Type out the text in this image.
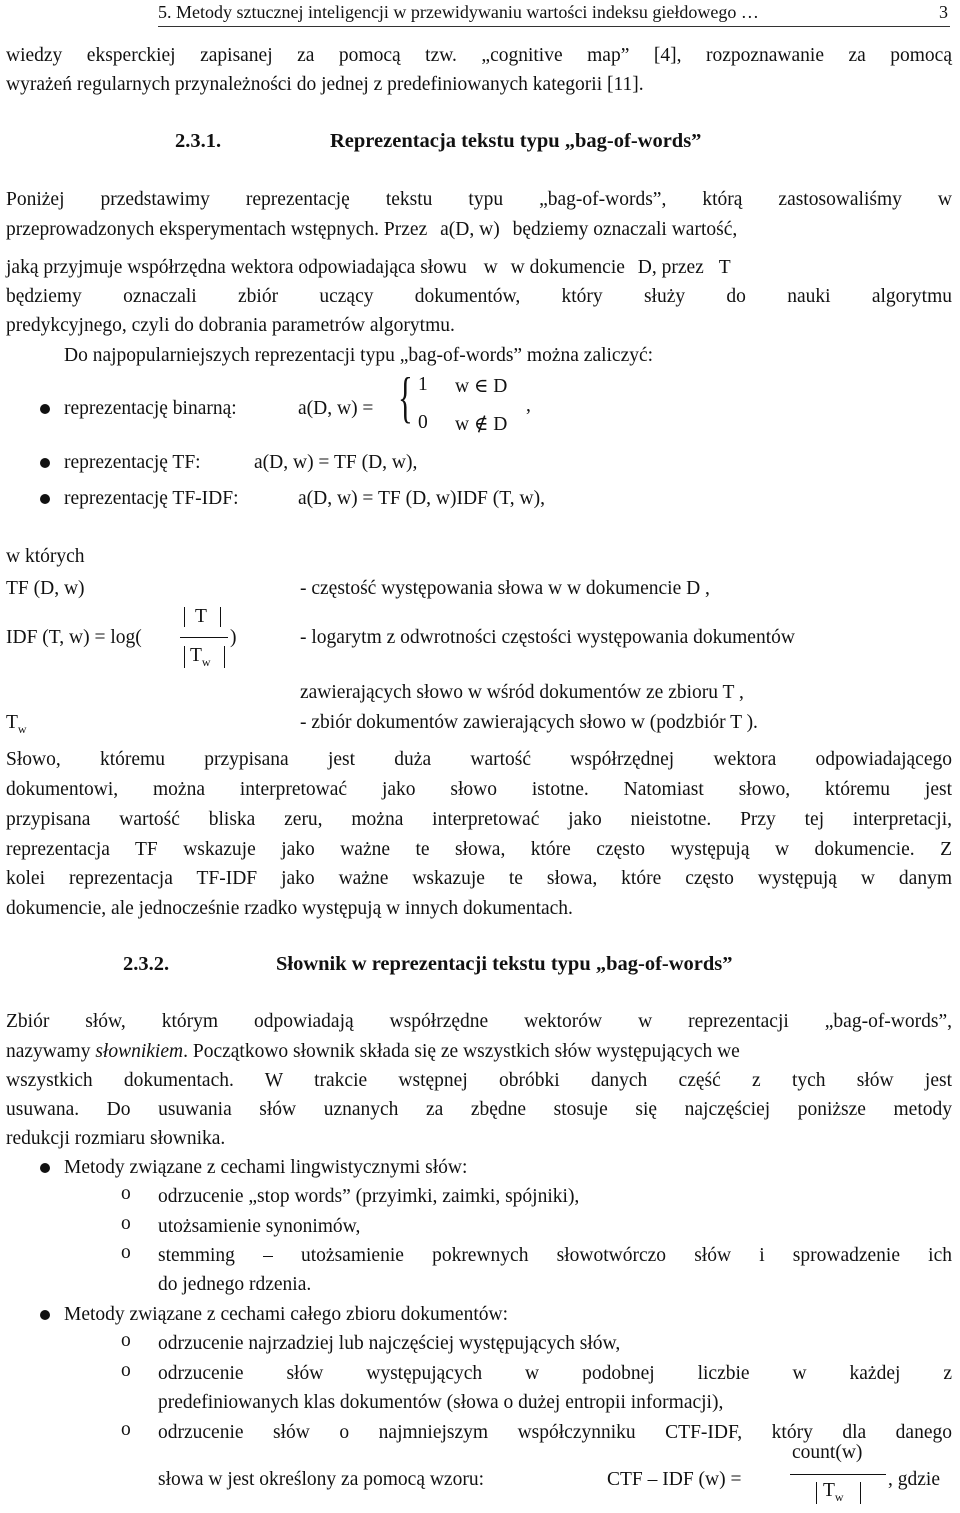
5. Metody sztucznej inteligencji w przewidywaniu wartości indeksu giełdowego …	3
wiedzy eksperckiej zapisanej za pomocą tzw. „cognitive map” [4], rozpoznawanie za pomocą
wyrażeń regularnych przynależności do jednej z predefiniowanych kategorii [11].
2.3.1.	Reprezentacja tekstu typu „bag-of-words”
Poniżej przedstawimy reprezentację tekstu typu „bag-of-words”, którą zastosowaliśmy w
przeprowadzonych eksperymentach wstępnych. Przez a(D, w) będziemy oznaczali wartość,
jaką przyjmuje współrzędna wektora odpowiadająca słowu w w dokumencie D, przez T
będziemy oznaczali zbiór uczący dokumentów, który służy do nauki algorytmu
predykcyjnego, czyli do dobrania parametrów algorytmu.
Do najpopularniejszych reprezentacji typu „bag-of-words” można zaliczyć:
reprezentację binarną:	a(D, w) = { 1 w ∈ D
0 w ∉ D
,
reprezentację TF:	a(D, w) = TF (D, w),
reprezentację TF-IDF:	a(D, w) = TF (D, w)IDF (T, w),
w których
TF (D, w)	- częstość występowania słowa w w dokumencie D ,
IDF (T, w) = log(
T
$T_w$
)	- logarytm z odwrotności częstości występowania dokumentów
zawierających słowo w wśród dokumentów ze zbioru T ,
$T_w$	- zbiór dokumentów zawierających słowo w (podzbiór T ).
Słowo, któremu przypisana jest duża wartość współrzędnej wektora odpowiadającego
dokumentowi, można interpretować jako słowo istotne. Natomiast słowo, któremu jest
przypisana wartość bliska zeru, można interpretować jako nieistotne. Przy tej interpretacji,
reprezentacja TF wskazuje jako ważne te słowa, które często występują w dokumencie. Z
kolei reprezentacja TF-IDF jako ważne wskazuje te słowa, które często występują w danym
dokumencie, ale jednocześnie rzadko występują w innych dokumentach.
2.3.2.	Słownik w reprezentacji tekstu typu „bag-of-words”
Zbiór słów, którym odpowiadają współrzędne wektorów w reprezentacji „bag-of-words”,
nazywamy słownikiem. Początkowo słownik składa się ze wszystkich słów występujących we
wszystkich dokumentach. W trakcie wstępnej obróbki danych część z tych słów jest
usuwana. Do usuwania słów uznanych za zbędne stosuje się najczęściej poniższe metody
redukcji rozmiaru słownika.
Metody związane z cechami lingwistycznymi słów:
o odrzucenie „stop words” (przyimki, zaimki, spójniki),
o utożsamienie synonimów,
o stemming – utożsamienie pokrewnych słowotwórczo słów i sprowadzenie ich
do jednego rdzenia.
Metody związane z cechami całego zbioru dokumentów:
o odrzucenie najrzadziej lub najczęściej występujących słów,
o odrzucenie słów występujących w podobnej liczbie w każdej z
predefiniowanych klas dokumentów (słowa o dużej entropii informacji),
o odrzucenie słów o najmniejszym współczynniku CTF-IDF, który dla danego
słowa w jest określony za pomocą wzoru:	CTF – IDF (w) =
count(w)
$T_w$
, gdzie
